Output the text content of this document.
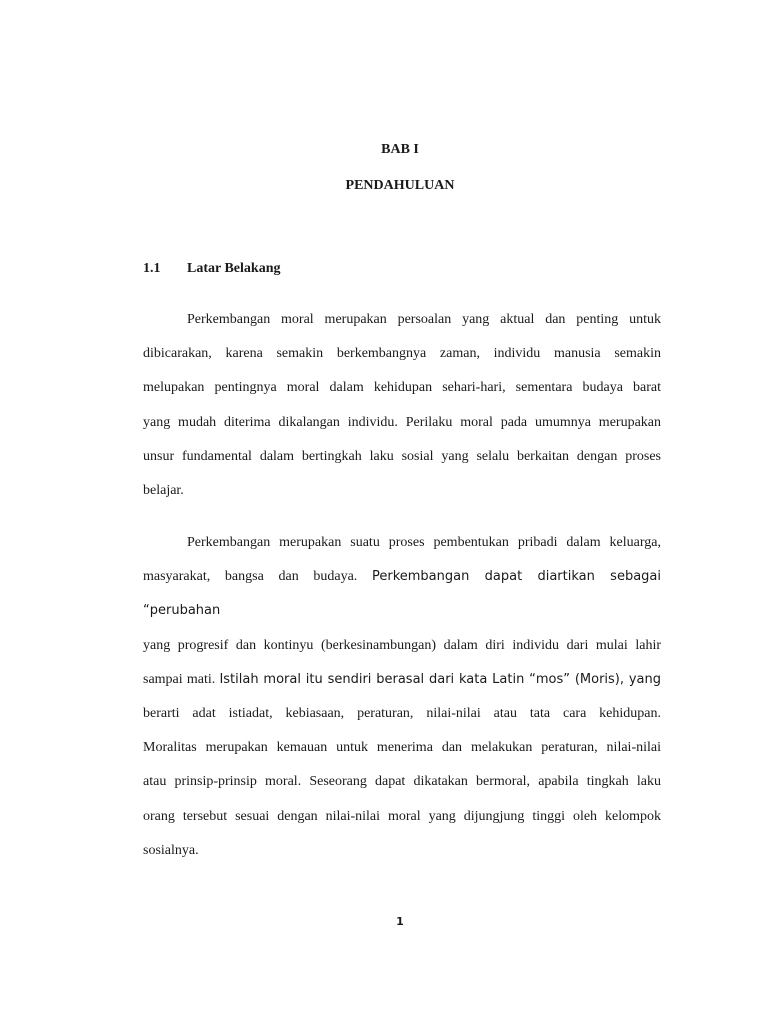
BAB I
PENDAHULUAN
1.1 Latar Belakang

Perkembangan moral merupakan persoalan yang aktual dan penting untuk
dibicarakan, karena semakin berkembangnya zaman, individu manusia semakin
melupakan pentingnya moral dalam kehidupan sehari-hari, sementara budaya barat
yang mudah diterima dikalangan individu. Perilaku moral pada umumnya merupakan
unsur fundamental dalam bertingkah laku sosial yang selalu berkaitan dengan proses
belajar.

Perkembangan merupakan suatu proses pembentukan pribadi dalam keluarga,
masyarakat, bangsa dan budaya. Perkembangan dapat diartikan sebagai “perubahan
yang progresif dan kontinyu (berkesinambungan) dalam diri individu dari mulai lahir
sampai mati. Istilah moral itu sendiri berasal dari kata Latin “mos” (Moris), yang
berarti adat istiadat, kebiasaan, peraturan, nilai-nilai atau tata cara kehidupan.
Moralitas merupakan kemauan untuk menerima dan melakukan peraturan, nilai-nilai
atau prinsip-prinsip moral. Seseorang dapat dikatakan bermoral, apabila tingkah laku
orang tersebut sesuai dengan nilai-nilai moral yang dijungjung tinggi oleh kelompok
sosialnya.

1
